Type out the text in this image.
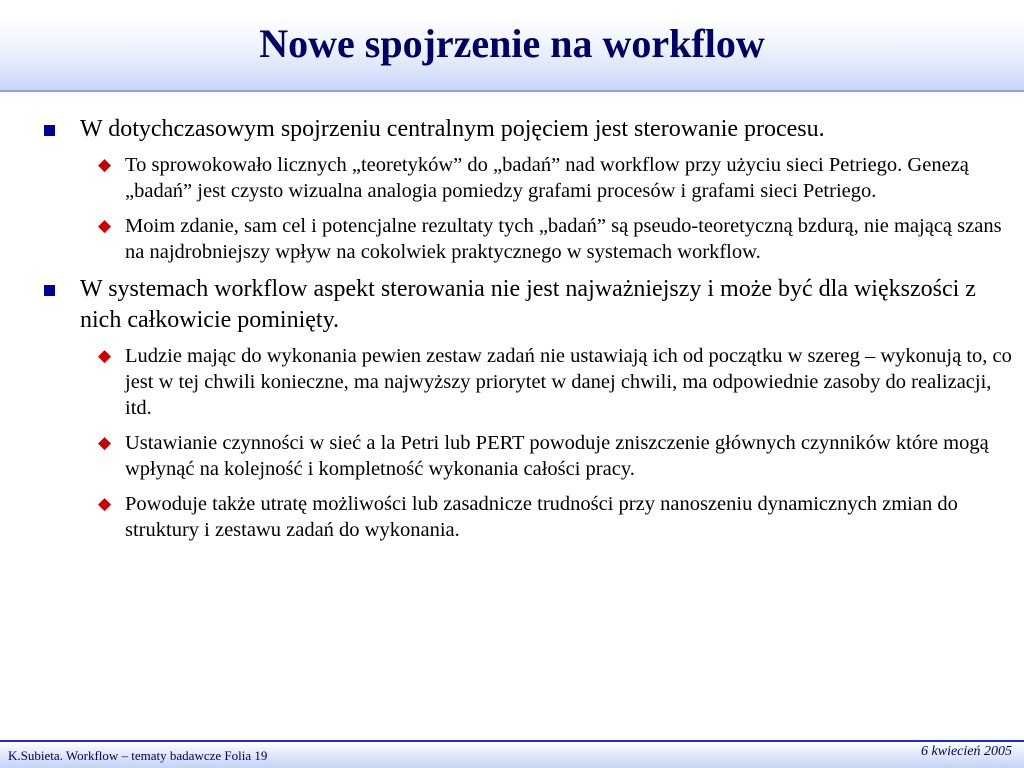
Nowe spojrzenie na workflow
W dotychczasowym spojrzeniu centralnym pojęciem jest sterowanie procesu.
◆ To sprowokowało licznych „teoretyków” do „badań” nad workflow przy użyciu sieci Petriego. Genezą „badań” jest czysto wizualna analogia pomiedzy grafami procesów i grafami sieci Petriego.
◆ Moim zdanie, sam cel i potencjalne rezultaty tych „badań” są pseudo-teoretyczną bzdurą, nie mającą szans na najdrobniejszy wpływ na cokolwiek praktycznego w systemach workflow.
W systemach workflow aspekt sterowania nie jest najważniejszy i może być dla większości z nich całkowicie pominięty.
◆ Ludzie mając do wykonania pewien zestaw zadań nie ustawiają ich od początku w szereg – wykonują to, co jest w tej chwili konieczne, ma najwyższy priorytet w danej chwili, ma odpowiednie zasoby do realizacji, itd.
◆ Ustawianie czynności w sieć a la Petri lub PERT powoduje zniszczenie głównych czynników które mogą wpłynąć na kolejność i kompletność wykonania całości pracy.
◆ Powoduje także utratę możliwości lub zasadnicze trudności przy nanoszeniu dynamicznych zmian do struktury i zestawu zadań do wykonania.
K.Subieta. Workflow – tematy badawcze Folia 19	6 kwiecień 2005
